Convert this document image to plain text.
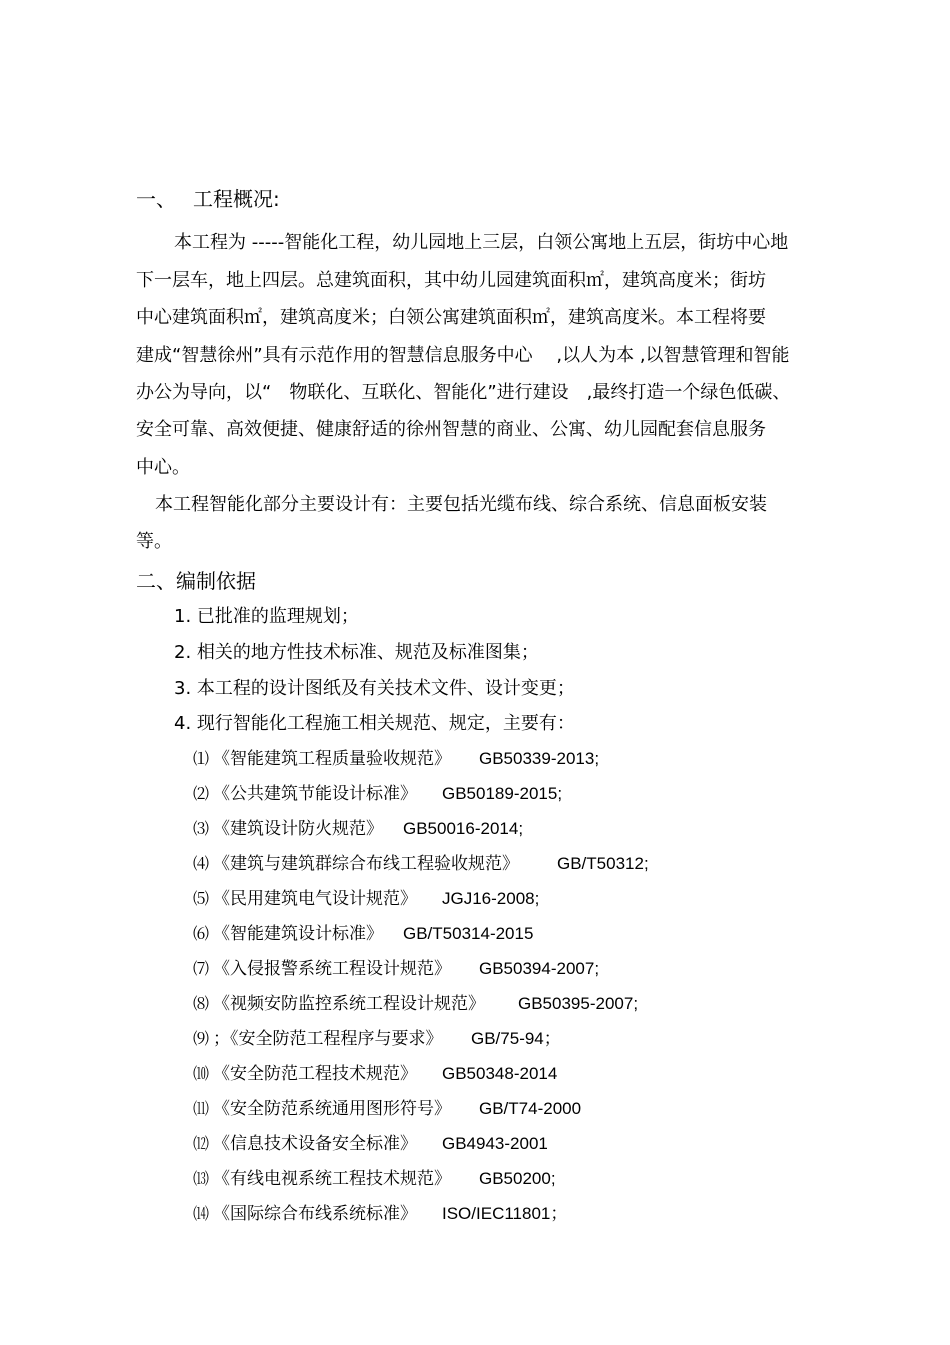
一、 工程概况:
本工程为 -----智能化工程，幼儿园地上三层，白领公寓地上五层，街坊中心地
下一层车，地上四层。总建筑面积，其中幼儿园建筑面积㎡，建筑高度米；街坊
中心建筑面积㎡，建筑高度米；白领公寓建筑面积㎡，建筑高度米。本工程将要
建成“智慧徐州”具有示范作用的智慧信息服务中心　 ,以人为本 ,以智慧管理和智能
办公为导向，以“　物联化、互联化、智能化”进行建设　,最终打造一个绿色低碳、
安全可靠、高效便捷、健康舒适的徐州智慧的商业、公寓、幼儿园配套信息服务
中心。
本工程智能化部分主要设计有：主要包括光缆布线、综合系统、信息面板安装
等。
二、编制依据
1. 已批准的监理规划；
2. 相关的地方性技术标准、规范及标准图集；
3. 本工程的设计图纸及有关技术文件、设计变更；
4. 现行智能化工程施工相关规范、规定，主要有：
⑴ 《智能建筑工程质量验收规范》 GB50339-2013;
⑵ 《公共建筑节能设计标准》 GB50189-2015;
⑶ 《建筑设计防火规范》 GB50016-2014;
⑷ 《建筑与建筑群综合布线工程验收规范》 GB/T50312;
⑸ 《民用建筑电气设计规范》 JGJ16-2008;
⑹ 《智能建筑设计标准》 GB/T50314-2015
⑺ 《入侵报警系统工程设计规范》 GB50394-2007;
⑻ 《视频安防监控系统工程设计规范》 GB50395-2007;
⑼ ；《安全防范工程程序与要求》 GB/75-94；
⑽ 《安全防范工程技术规范》 GB50348-2014
⑾ 《安全防范系统通用图形符号》 GB/T74-2000
⑿ 《信息技术设备安全标准》 GB4943-2001
⒀ 《有线电视系统工程技术规范》 GB50200;
⒁ 《国际综合布线系统标准》 ISO/IEC11801；
